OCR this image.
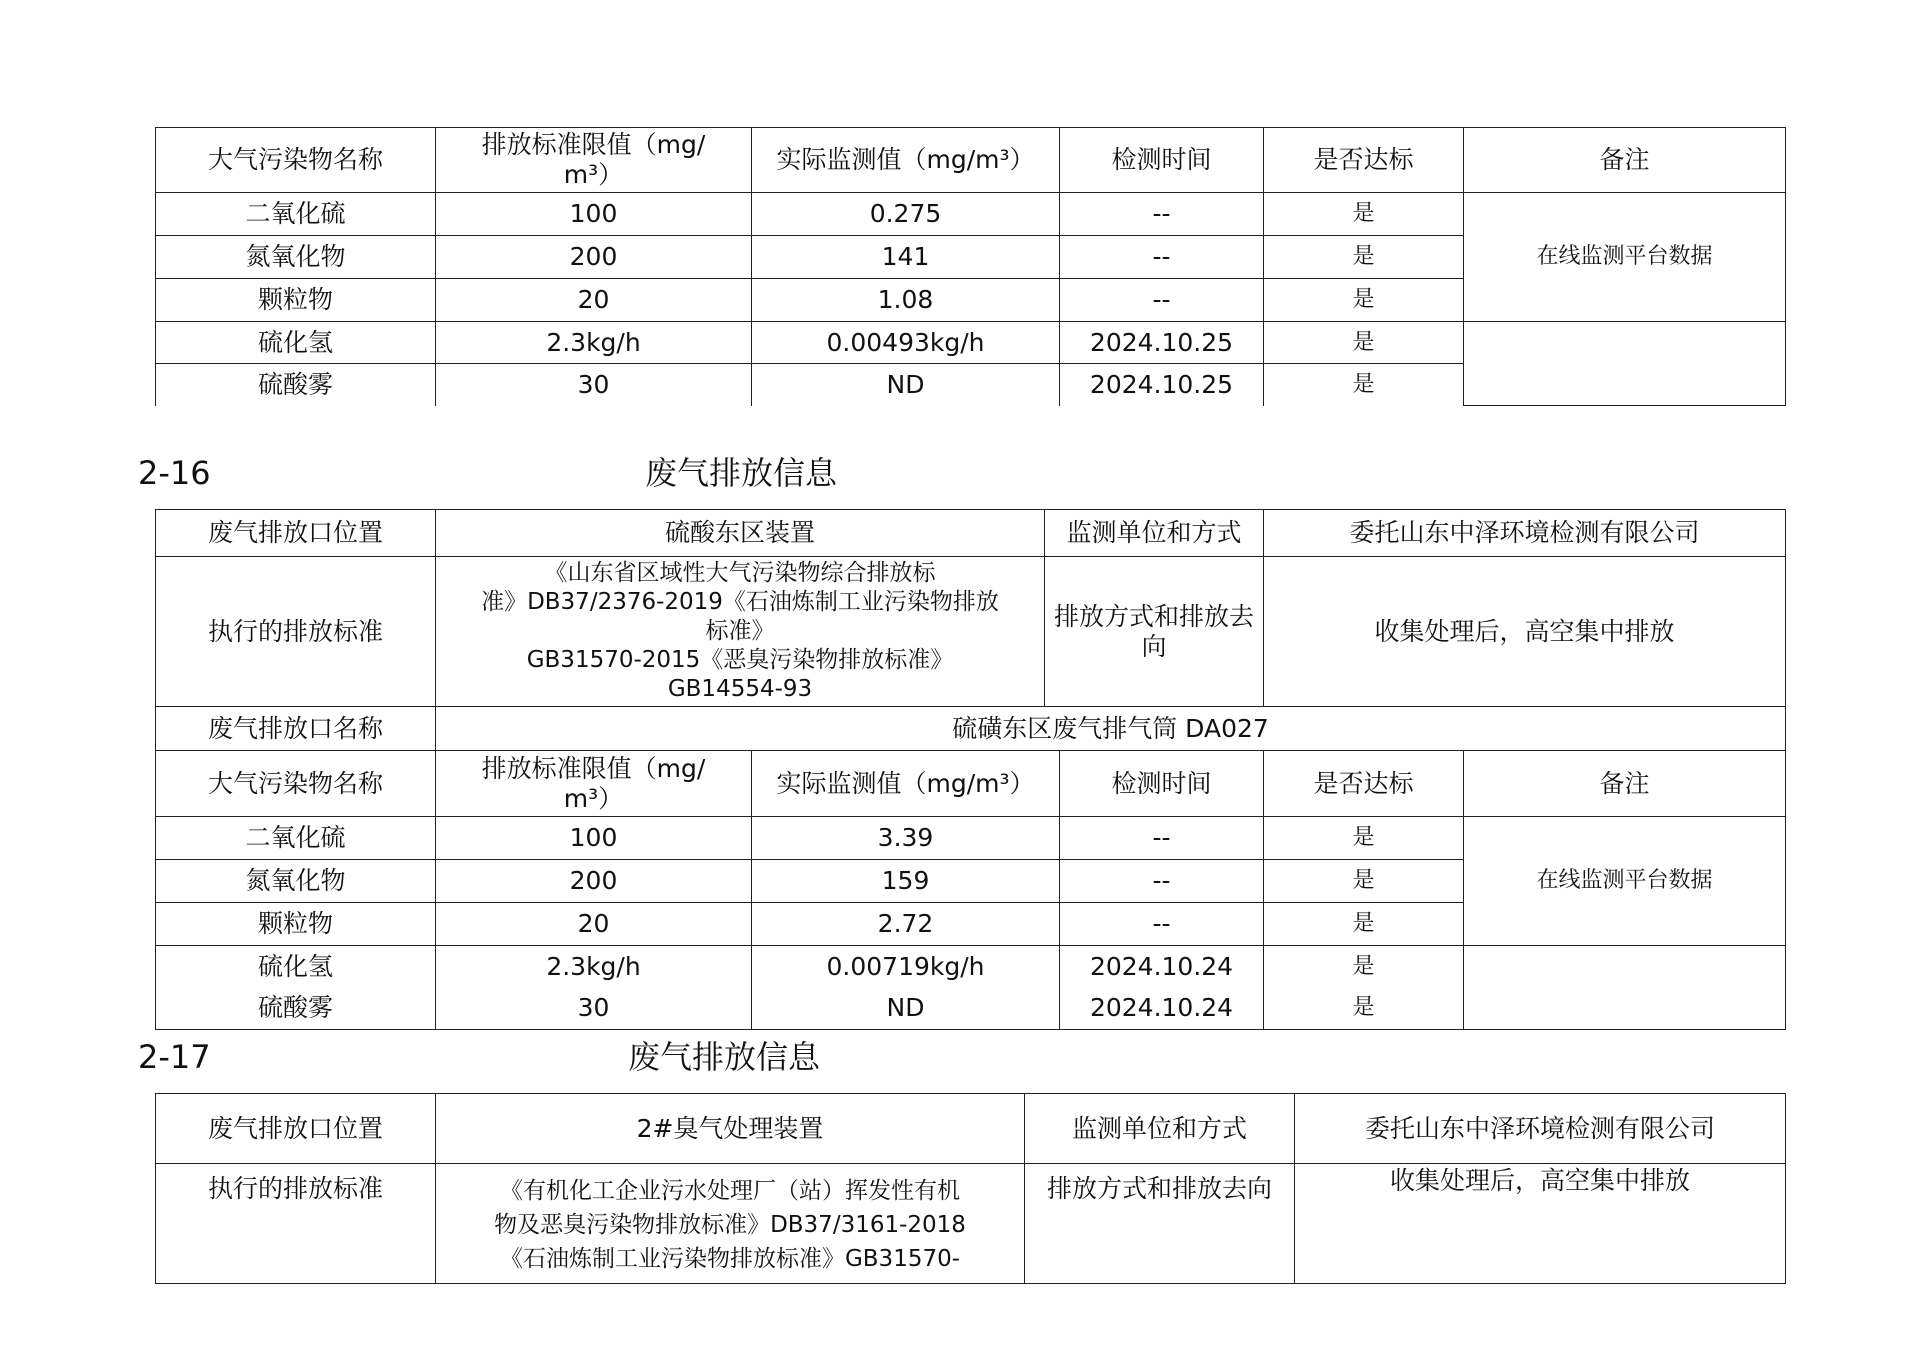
大气污染物名称	排放标准限值（mg/
m³）	实际监测值（mg/m³）	检测时间	是否达标	备注
二氧化硫	100	0.275	--	是	在线监测平台数据
氮氧化物	200	141	--	是	
颗粒物	20	1.08	--	是	
硫化氢	2.3kg/h	0.00493kg/h	2024.10.25	是	
硫酸雾	30	ND	2024.10.25	是	
2-16	废气排放信息
废气排放口位置	硫酸东区装置		监测单位和方式		委托山东中泽环境检测有限公司	
执行的排放标准	《山东省区域性大气污染物综合排放标
准》DB37/2376-2019《石油炼制工业污染物排放
标准》
GB31570-2015《恶臭污染物排放标准》
GB14554-93		排放方式和排放去向		收集处理后，高空集中排放	
废气排放口名称	硫磺东区废气排气筒 DA027					
大气污染物名称	排放标准限值（mg/
m³）	实际监测值（mg/m³）		检测时间	是否达标	备注
二氧化硫	100	3.39		--	是	在线监测平台数据
氮氧化物	200	159		--	是	
颗粒物	20	2.72		--	是	
硫化氢	2.3kg/h	0.00719kg/h		2024.10.24	是	
硫酸雾	30	ND		2024.10.24	是	
2-17	废气排放信息
废气排放口位置	2#臭气处理装置	监测单位和方式	委托山东中泽环境检测有限公司
执行的排放标准	《有机化工企业污水处理厂（站）挥发性有机
物及恶臭污染物排放标准》DB37/3161-2018
《石油炼制工业污染物排放标准》GB31570-	排放方式和排放去向	收集处理后，高空集中排放
